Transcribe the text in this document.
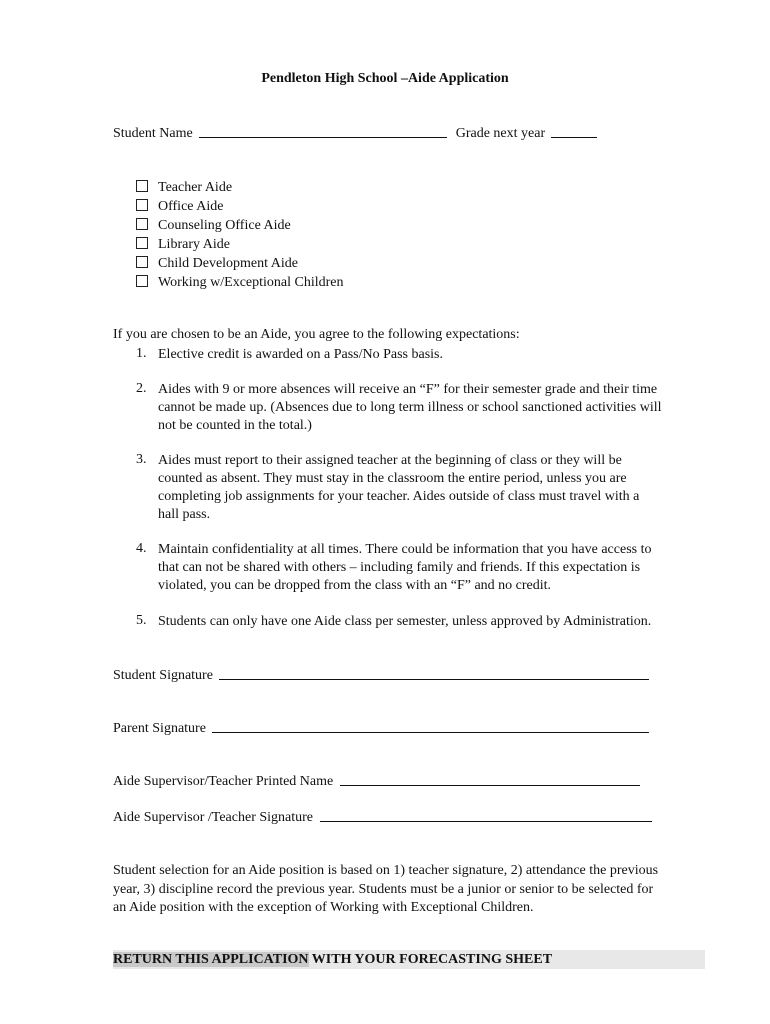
Pendleton High School –Aide Application
Student Name	Grade next year
Teacher Aide
Office Aide
Counseling Office Aide
Library Aide
Child Development Aide
Working w/Exceptional Children
If you are chosen to be an Aide, you agree to the following expectations:
1. Elective credit is awarded on a Pass/No Pass basis.
2. Aides with 9 or more absences will receive an “F” for their semester grade and their time
cannot be made up. (Absences due to long term illness or school sanctioned activities will
not be counted in the total.)
3. Aides must report to their assigned teacher at the beginning of class or they will be
counted as absent. They must stay in the classroom the entire period, unless you are
completing job assignments for your teacher. Aides outside of class must travel with a
hall pass.
4. Maintain confidentiality at all times. There could be information that you have access to
that can not be shared with others – including family and friends. If this expectation is
violated, you can be dropped from the class with an “F” and no credit.
5. Students can only have one Aide class per semester, unless approved by Administration.
Student Signature
Parent Signature
Aide Supervisor/Teacher Printed Name
Aide Supervisor /Teacher Signature
Student selection for an Aide position is based on 1) teacher signature, 2) attendance the previous
year, 3) discipline record the previous year. Students must be a junior or senior to be selected for
an Aide position with the exception of Working with Exceptional Children.
RETURN THIS APPLICATION WITH YOUR FORECASTING SHEET
